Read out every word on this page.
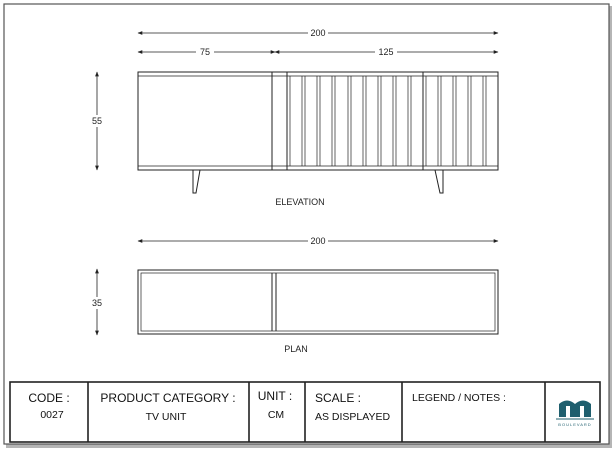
200
75	125
55
ELEVATION
200
35
PLAN
CODE :
0027
PRODUCT CATEGORY :
TV UNIT
UNIT :
CM
SCALE :
AS DISPLAYED
LEGEND / NOTES :
BOULEVARD
